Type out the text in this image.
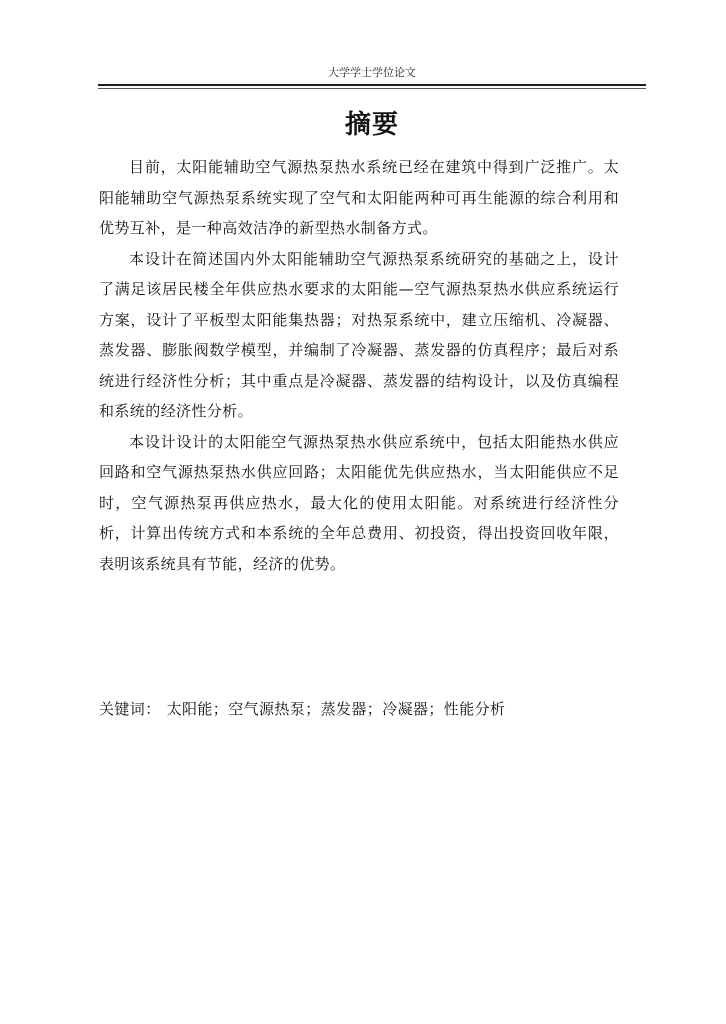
大学学士学位论文
摘要

目前，太阳能辅助空气源热泵热水系统已经在建筑中得到广泛推广。太阳能辅助空气源热泵系统实现了空气和太阳能两种可再生能源的综合利用和优势互补，是一种高效洁净的新型热水制备方式。

本设计在简述国内外太阳能辅助空气源热泵系统研究的基础之上，设计了满足该居民楼全年供应热水要求的太阳能—空气源热泵热水供应系统运行方案，设计了平板型太阳能集热器；对热泵系统中，建立压缩机、冷凝器、蒸发器、膨胀阀数学模型，并编制了冷凝器、蒸发器的仿真程序；最后对系统进行经济性分析；其中重点是冷凝器、蒸发器的结构设计，以及仿真编程和系统的经济性分析。

本设计设计的太阳能空气源热泵热水供应系统中，包括太阳能热水供应回路和空气源热泵热水供应回路；太阳能优先供应热水，当太阳能供应不足时，空气源热泵再供应热水，最大化的使用太阳能。对系统进行经济性分析，计算出传统方式和本系统的全年总费用、初投资，得出投资回收年限，表明该系统具有节能，经济的优势。

关键词： 太阳能；空气源热泵；蒸发器；冷凝器；性能分析
